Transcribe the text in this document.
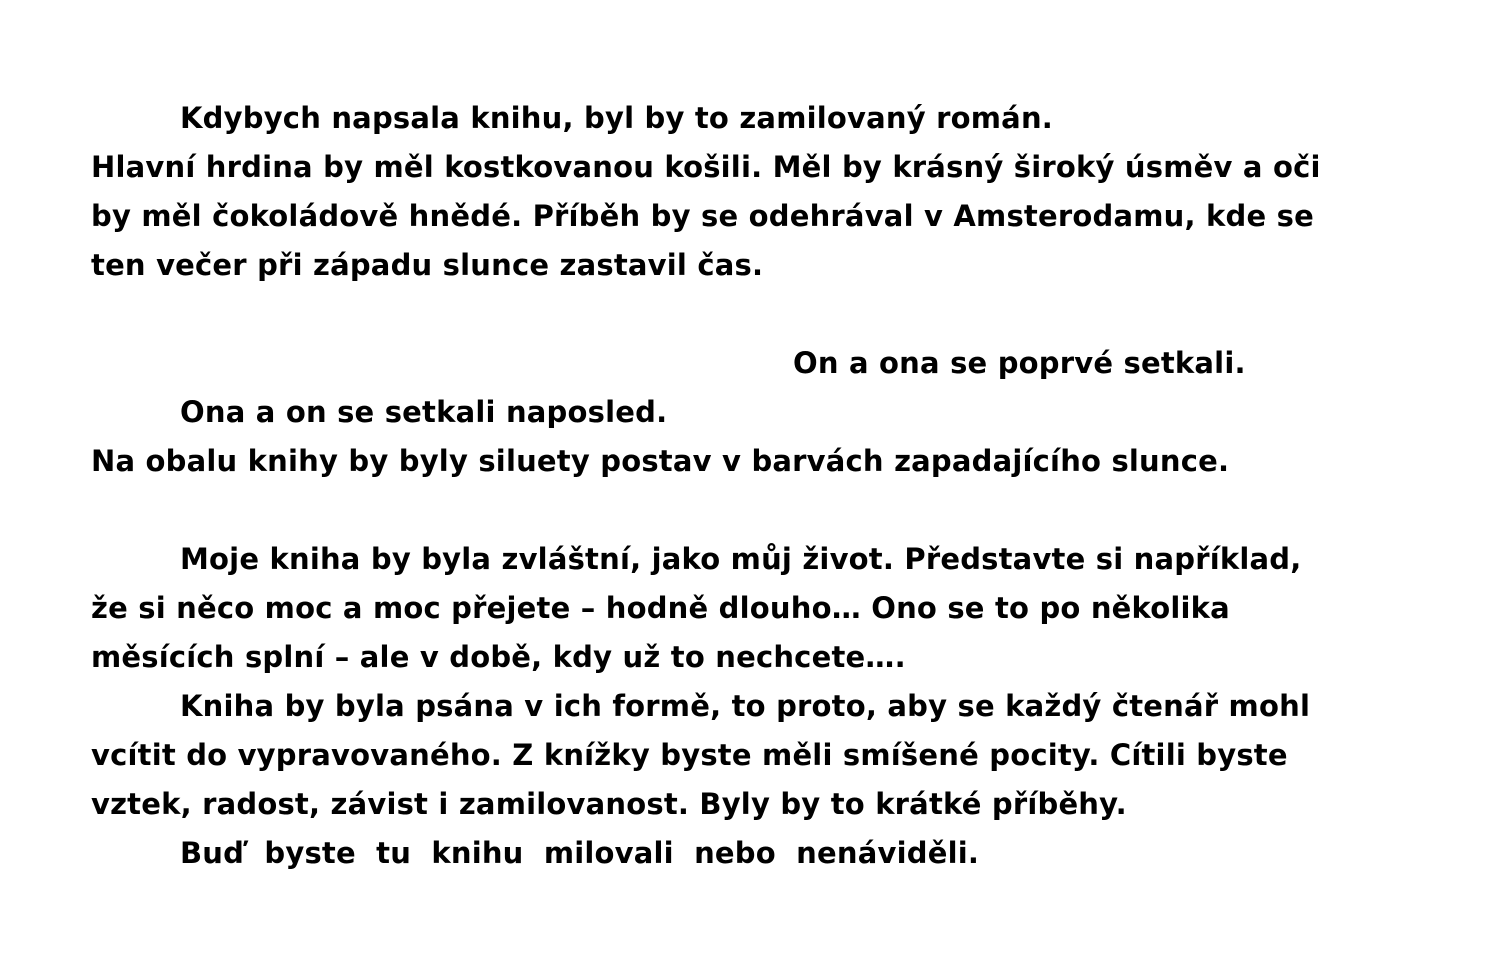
Kdybych napsala knihu, byl by to zamilovaný román.
Hlavní hrdina by měl kostkovanou košili. Měl by krásný široký úsměv a oči
by měl čokoládově hnědé. Příběh by se odehrával v Amsterodamu, kde se
ten večer při západu slunce zastavil čas.
On a ona se poprvé setkali.
Ona a on se setkali naposled.
Na obalu knihy by byly siluety postav v barvách zapadajícího slunce.
Moje kniha by byla zvláštní, jako můj život. Představte si například,
že si něco moc a moc přejete – hodně dlouho… Ono se to po několika
měsících splní – ale v době, kdy už to nechcete….
Kniha by byla psána v ich formě, to proto, aby se každý čtenář mohl
vcítit do vypravovaného. Z knížky byste měli smíšené pocity. Cítili byste
vztek, radost, závist i zamilovanost. Byly by to krátké příběhy.
Buď byste tu knihu milovali nebo nenáviděli.
